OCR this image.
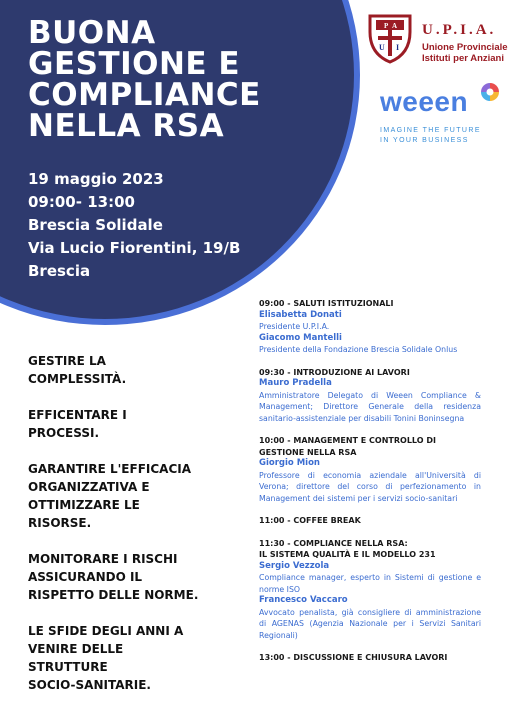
BUONA
GESTIONE E
COMPLIANCE
NELLA RSA
19 maggio 2023
09:00- 13:00
Brescia Solidale
Via Lucio Fiorentini, 19/B
Brescia
U I
P A U.P.I.A.
Unione Provinciale
Istituti per Anziani
weeen
IMAGINE THE FUTURE
IN YOUR BUSINESS
GESTIRE LA
COMPLESSITÀ.
EFFICENTARE I
PROCESSI.
GARANTIRE L'EFFICACIA
ORGANIZZATIVA E
OTTIMIZZARE LE
RISORSE.
MONITORARE I RISCHI
ASSICURANDO IL
RISPETTO DELLE NORME.
LE SFIDE DEGLI ANNI A
VENIRE DELLE
STRUTTURE
SOCIO-SANITARIE.
09:00 - SALUTI ISTITUZIONALI
Elisabetta Donati
Presidente U.P.I.A.
Giacomo Mantelli
Presidente della Fondazione Brescia Solidale Onlus
09:30 - INTRODUZIONE AI LAVORI
Mauro Pradella
Amministratore Delegato di Weeen Compliance & Management; Direttore Generale della residenza sanitario-assistenziale per disabili Tonini Boninsegna
10:00 - MANAGEMENT E CONTROLLO DI
GESTIONE NELLA RSA
Giorgio Mion
Professore di economia aziendale all'Università di Verona; direttore del corso di perfezionamento in Management dei sistemi per i servizi socio-sanitari
11:00 - COFFEE BREAK
11:30 - COMPLIANCE NELLA RSA:
IL SISTEMA QUALITÀ E IL MODELLO 231
Sergio Vezzola
Compliance manager, esperto in Sistemi di gestione e norme ISO
Francesco Vaccaro
Avvocato penalista, già consigliere di amministrazione di AGENAS (Agenzia Nazionale per i Servizi Sanitari Regionali)
13:00 - DISCUSSIONE E CHIUSURA LAVORI
